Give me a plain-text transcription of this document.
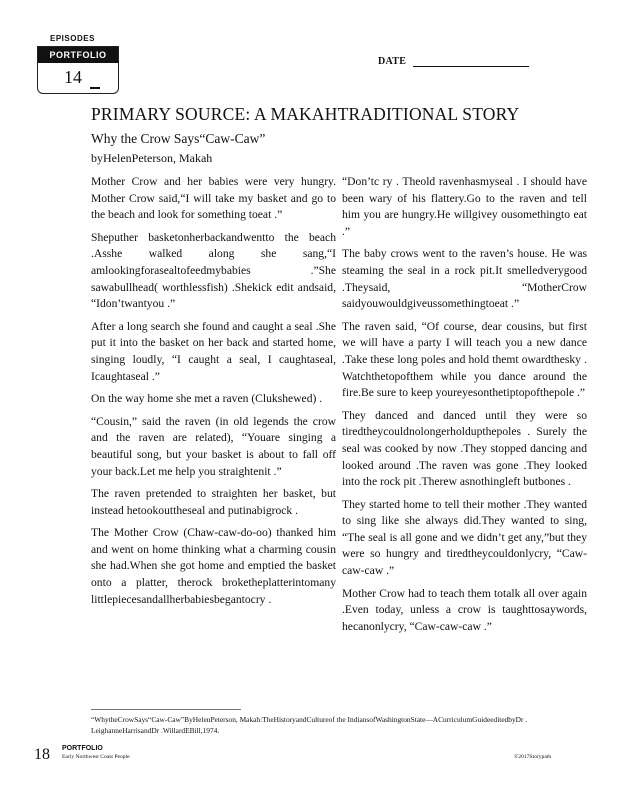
EPISODES
PORTFOLIO
14
DATE
PRIMARY SOURCE: A MAKAHTRADITIONAL STORY
Why the Crow Says“Caw-Caw”
byHelenPeterson, Makah

Mother Crow and her babies were very hungry. Mother Crow said,“I will take my basket and go to the beach and look for something toeat .”

Sheputher basketonherbackandwentto the beach .Asshe walked along she sang,“I amlookingforasealtofeedmybabies .”She sawabullhead( worthlessfish) .Shekick edit andsaid, “Idon’twantyou .”

After a long search she found and caught a seal .She put it into the basket on her back and started home, singing loudly, “I caught a seal, I caughtaseal, Icaughtaseal .”

On the way home she met a raven (Clukshewed) .

“Cousin,” said the raven (in old legends the crow and the raven are related), “Youare singing a beautiful song, but your basket is about to fall off your back.Let me help you straightenit .”

The raven pretended to straighten her basket, but instead hetookouttheseal and putinabigrock .

The Mother Crow (Chaw-caw-do-oo) thanked him and went on home thinking what a charming cousin she had.When she got home and emptied the basket onto a platter, therock broketheplatterintomany littlepiecesandallherbabiesbegantocry .

“Don’tc ry . Theold ravenhasmyseal . I should have been wary of his flattery.Go to the raven and tell him you are hungry.He willgivey ousomethingto eat .”

The baby crows went to the raven’s house. He was steaming the seal in a rock pit.It smelledverygood .Theysaid, “MotherCrow saidyouwouldgiveussomethingtoeat .”

The raven said, “Of course, dear cousins, but first we will have a party I will teach you a new dance .Take these long poles and hold themt owardthesky . Watchthetopofthem while you dance around the fire.Be sure to keep youreyesonthetiptopofthepole .”

They danced and danced until they were so tiredtheycouldnolongerholdupthepoles . Surely the seal was cooked by now .They stopped dancing and looked around .The raven was gone .They looked into the rock pit .Therew asnothingleft butbones .

They started home to tell their mother .They wanted to sing like she always did.They wanted to sing, “The seal is all gone and we didn’t get any,”but they were so hungry and tiredtheycouldonlycry, “Caw-caw-caw .”

Mother Crow had to teach them totalk all over again .Even today, unless a crow is taughttosaywords, hecanonlycry, “Caw-caw-caw .”

“WhytheCrowSays“Caw-Caw”ByHelenPeterson, Makah:TheHistoryandCultureof the IndiansofWashingtonState—ACurriculumGuideeditedbyDr . LeighanneHarrisandDr .WillardEBill,1974.
18 PORTFOLIO
Early Northwest Coast People	©2017Storypath
